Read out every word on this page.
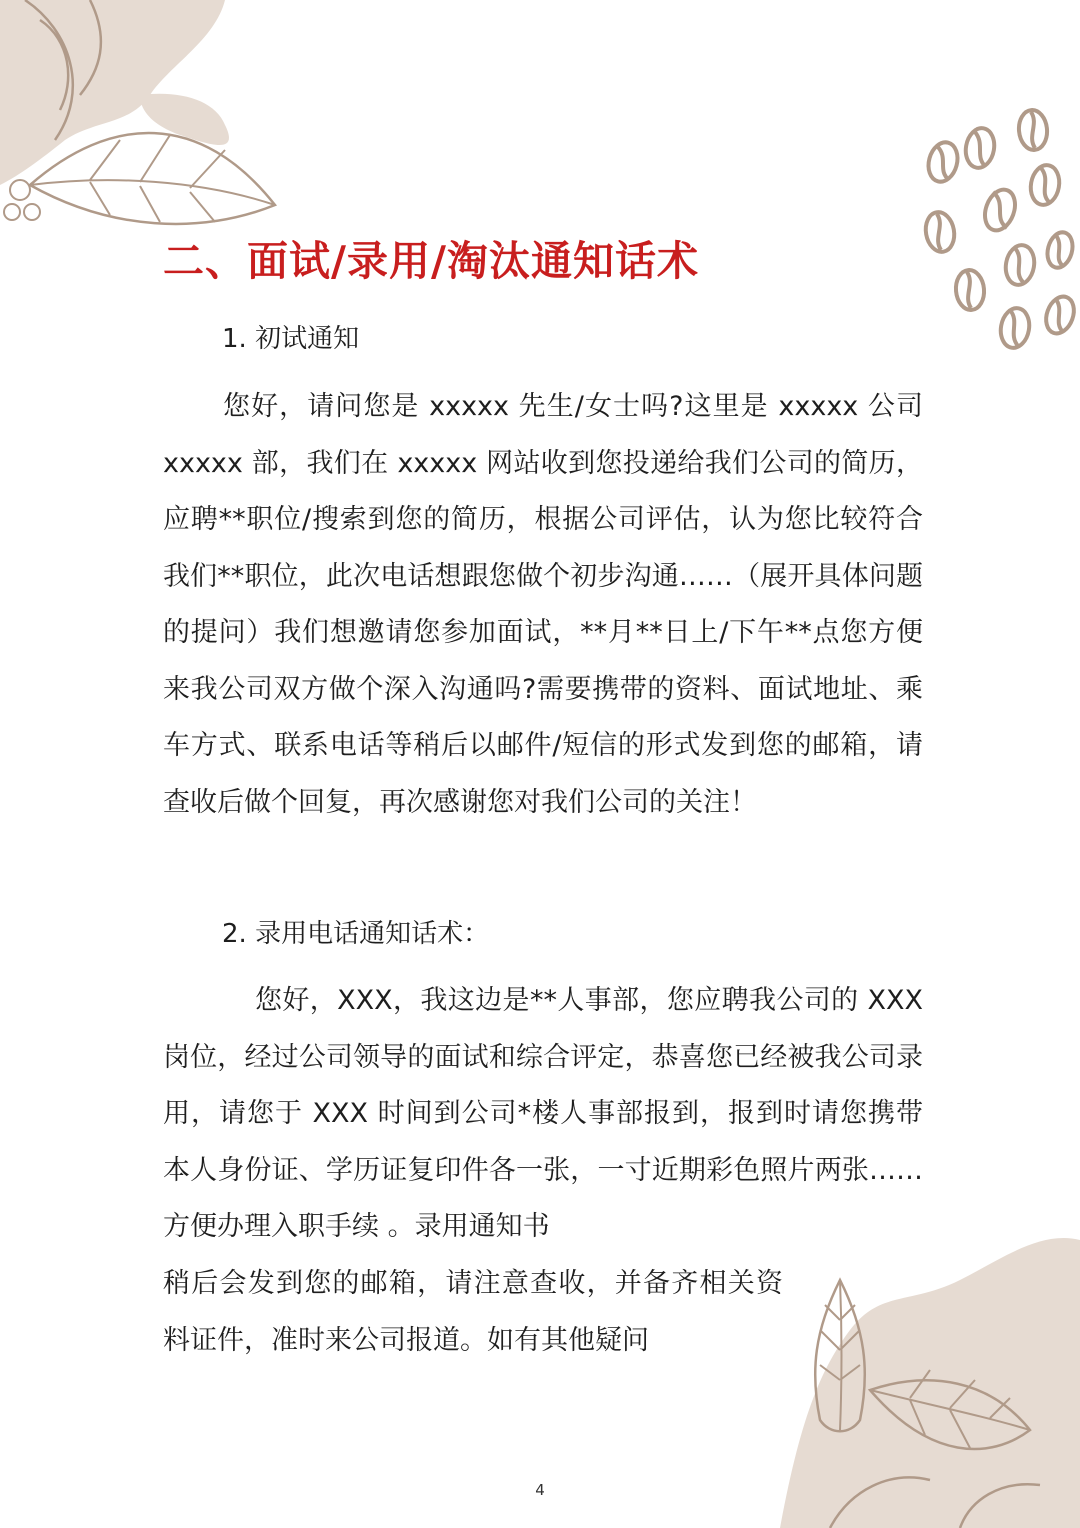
二、面试/录用/淘汰通知话术
1. 初试通知
您好，请问您是 xxxxx 先生/女士吗?这里是 xxxxx 公司 xxxxx 部，我们在 xxxxx 网站收到您投递给我们公司的简历，应聘**职位/搜索到您的简历，根据公司评估，认为您比较符合我们**职位，此次电话想跟您做个初步沟通……（展开具体问题的提问）我们想邀请您参加面试，**月**日上/下午**点您方便来我公司双方做个深入沟通吗?需要携带的资料、面试地址、乘车方式、联系电话等稍后以邮件/短信的形式发到您的邮箱，请查收后做个回复，再次感谢您对我们公司的关注！
2. 录用电话通知话术：
您好，XXX，我这边是**人事部，您应聘我公司的 XXX 岗位，经过公司领导的面试和综合评定，恭喜您已经被我公司录用，请您于 XXX 时间到公司*楼人事部报到，报到时请您携带本人身份证、学历证复印件各一张，一寸近期彩色照片两张……方便办理入职手续 。录用通知书
稍后会发到您的邮箱，请注意查收，并备齐相关资料证件，准时来公司报道。如有其他疑问
4
